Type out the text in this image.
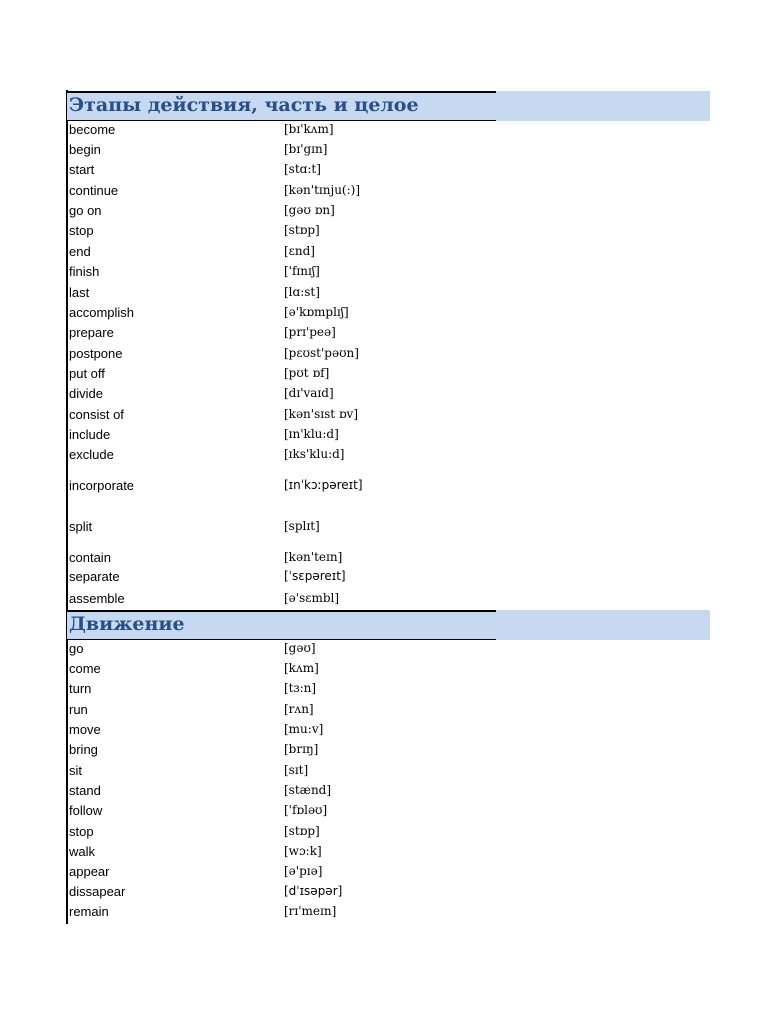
Этапы действия, часть и целое
become	[bɪ'kʌm]
begin	[bɪ'gɪn]
start	[stɑ:t]
continue	[kən'tɪnju(:)]
go on	[gəʊ ɒn]
stop	[stɒp]
end	[ɛnd]
finish	['fɪnɪʃ]
last	[lɑ:st]
accomplish	[ə'kɒmplɪʃ]
prepare	[prɪ'peə]
postpone	[pɛʊst'pəʊn]
put off	[pʊt ɒf]
divide	[dɪ'vaɪd]
consist of	[kən'sɪst ɒv]
include	[ɪn'klu:d]
exclude	[ɪks'klu:d]
incorporate	[ɪnˈkɔːpəreɪt]
split	[splɪt]
contain	[kən'teɪn]
separate	[ˈsɛpəreɪt]
assemble	[ə'sɛmbl]
Движение
go	[gəʊ]
come	[kʌm]
turn	[tɜ:n]
run	[rʌn]
move	[mu:v]
bring	[brɪŋ]
sit	[sɪt]
stand	[stænd]
follow	['fɒləʊ]
stop	[stɒp]
walk	[wɔ:k]
appear	[ə'pɪə]
dissapear	[dˈɪsəpər]
remain	[rɪ'meɪn]
